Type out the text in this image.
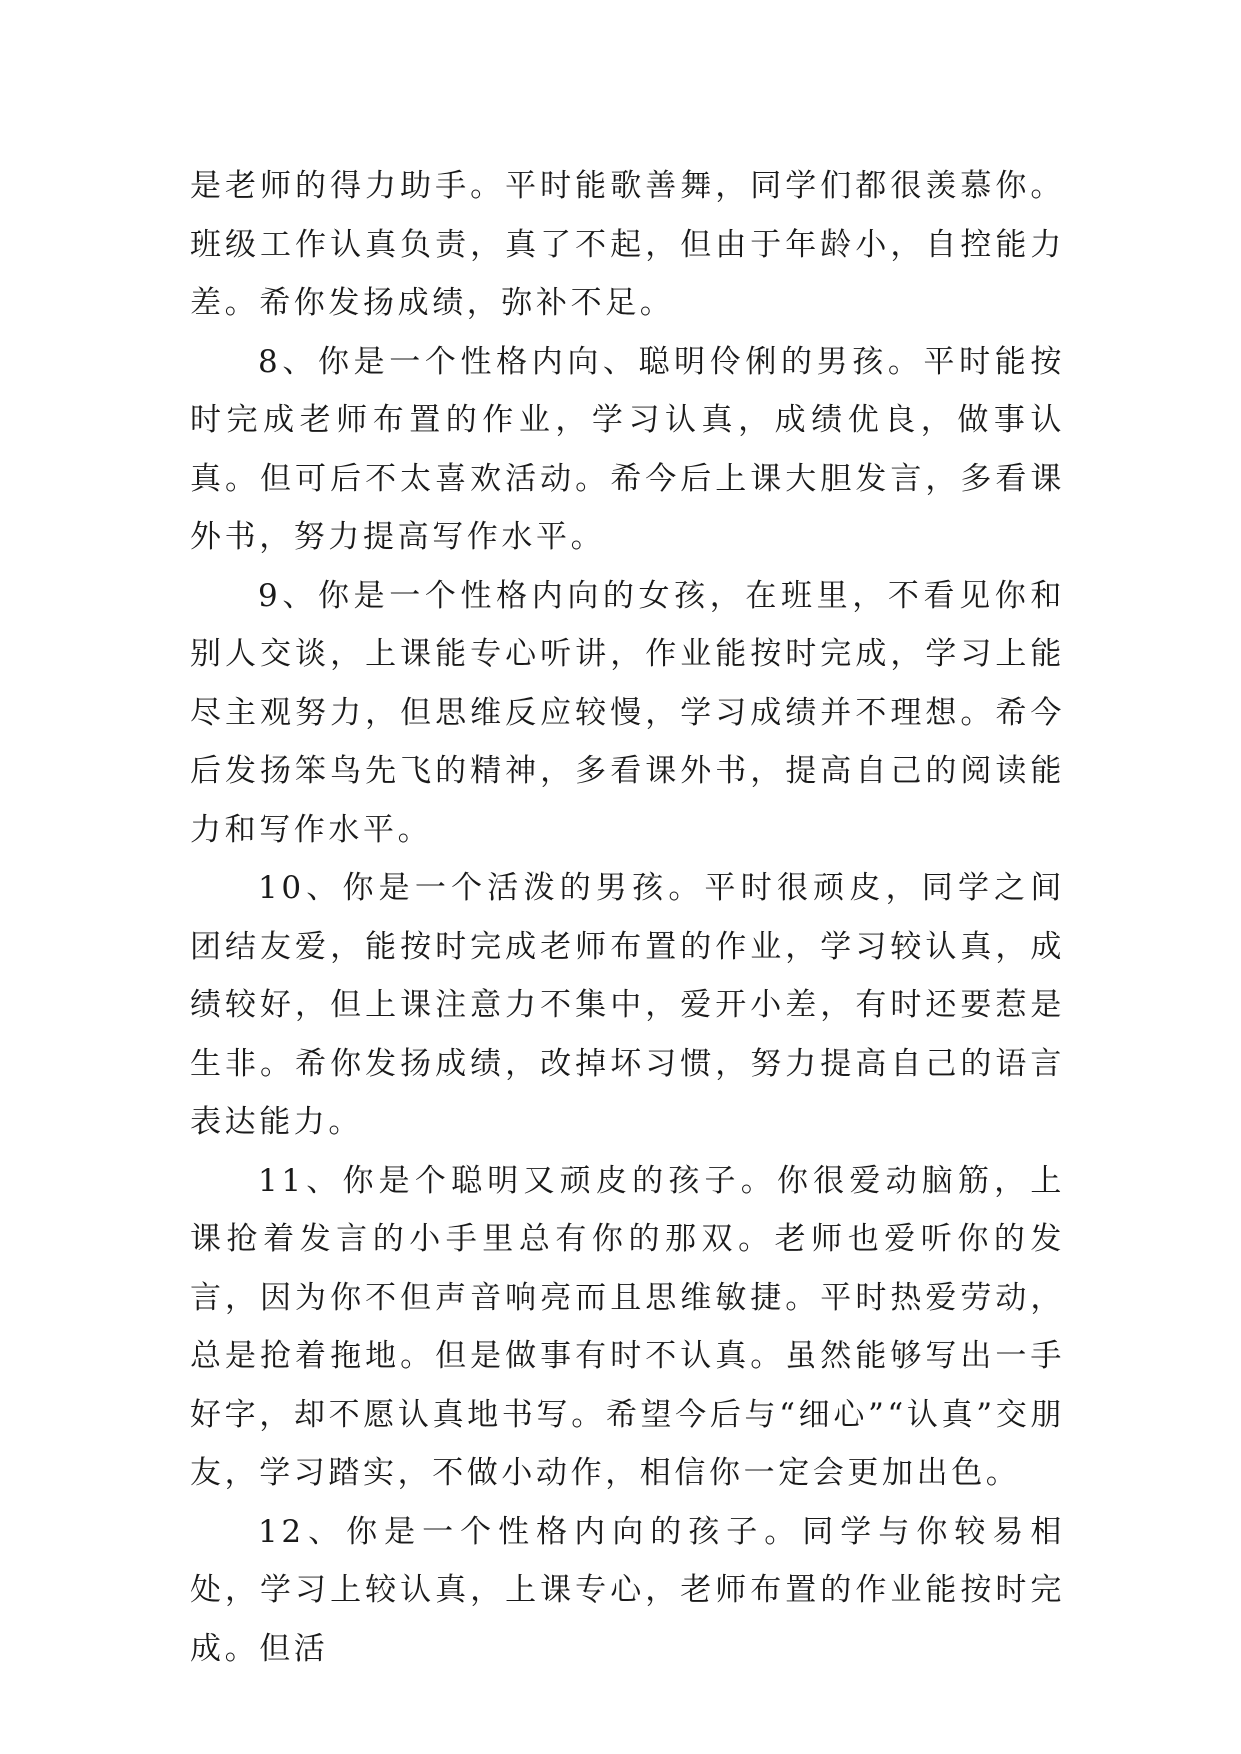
是老师的得力助手。平时能歌善舞，同学们都很羡慕你。班级工作认真负责，真了不起，但由于年龄小，自控能力差。希你发扬成绩，弥补不足。

8、你是一个性格内向、聪明伶俐的男孩。平时能按时完成老师布置的作业，学习认真，成绩优良，做事认真。但可后不太喜欢活动。希今后上课大胆发言，多看课外书，努力提高写作水平。

9、你是一个性格内向的女孩，在班里，不看见你和别人交谈，上课能专心听讲，作业能按时完成，学习上能尽主观努力，但思维反应较慢，学习成绩并不理想。希今后发扬笨鸟先飞的精神，多看课外书，提高自己的阅读能力和写作水平。

10、你是一个活泼的男孩。平时很顽皮，同学之间团结友爱，能按时完成老师布置的作业，学习较认真，成绩较好，但上课注意力不集中，爱开小差，有时还要惹是生非。希你发扬成绩，改掉坏习惯，努力提高自己的语言表达能力。

11、你是个聪明又顽皮的孩子。你很爱动脑筋，上课抢着发言的小手里总有你的那双。老师也爱听你的发言，因为你不但声音响亮而且思维敏捷。平时热爱劳动，总是抢着拖地。但是做事有时不认真。虽然能够写出一手好字，却不愿认真地书写。希望今后与“细心”“认真”交朋友，学习踏实，不做小动作，相信你一定会更加出色。

12、你是一个性格内向的孩子。同学与你较易相处，学习上较认真，上课专心，老师布置的作业能按时完成。但活
